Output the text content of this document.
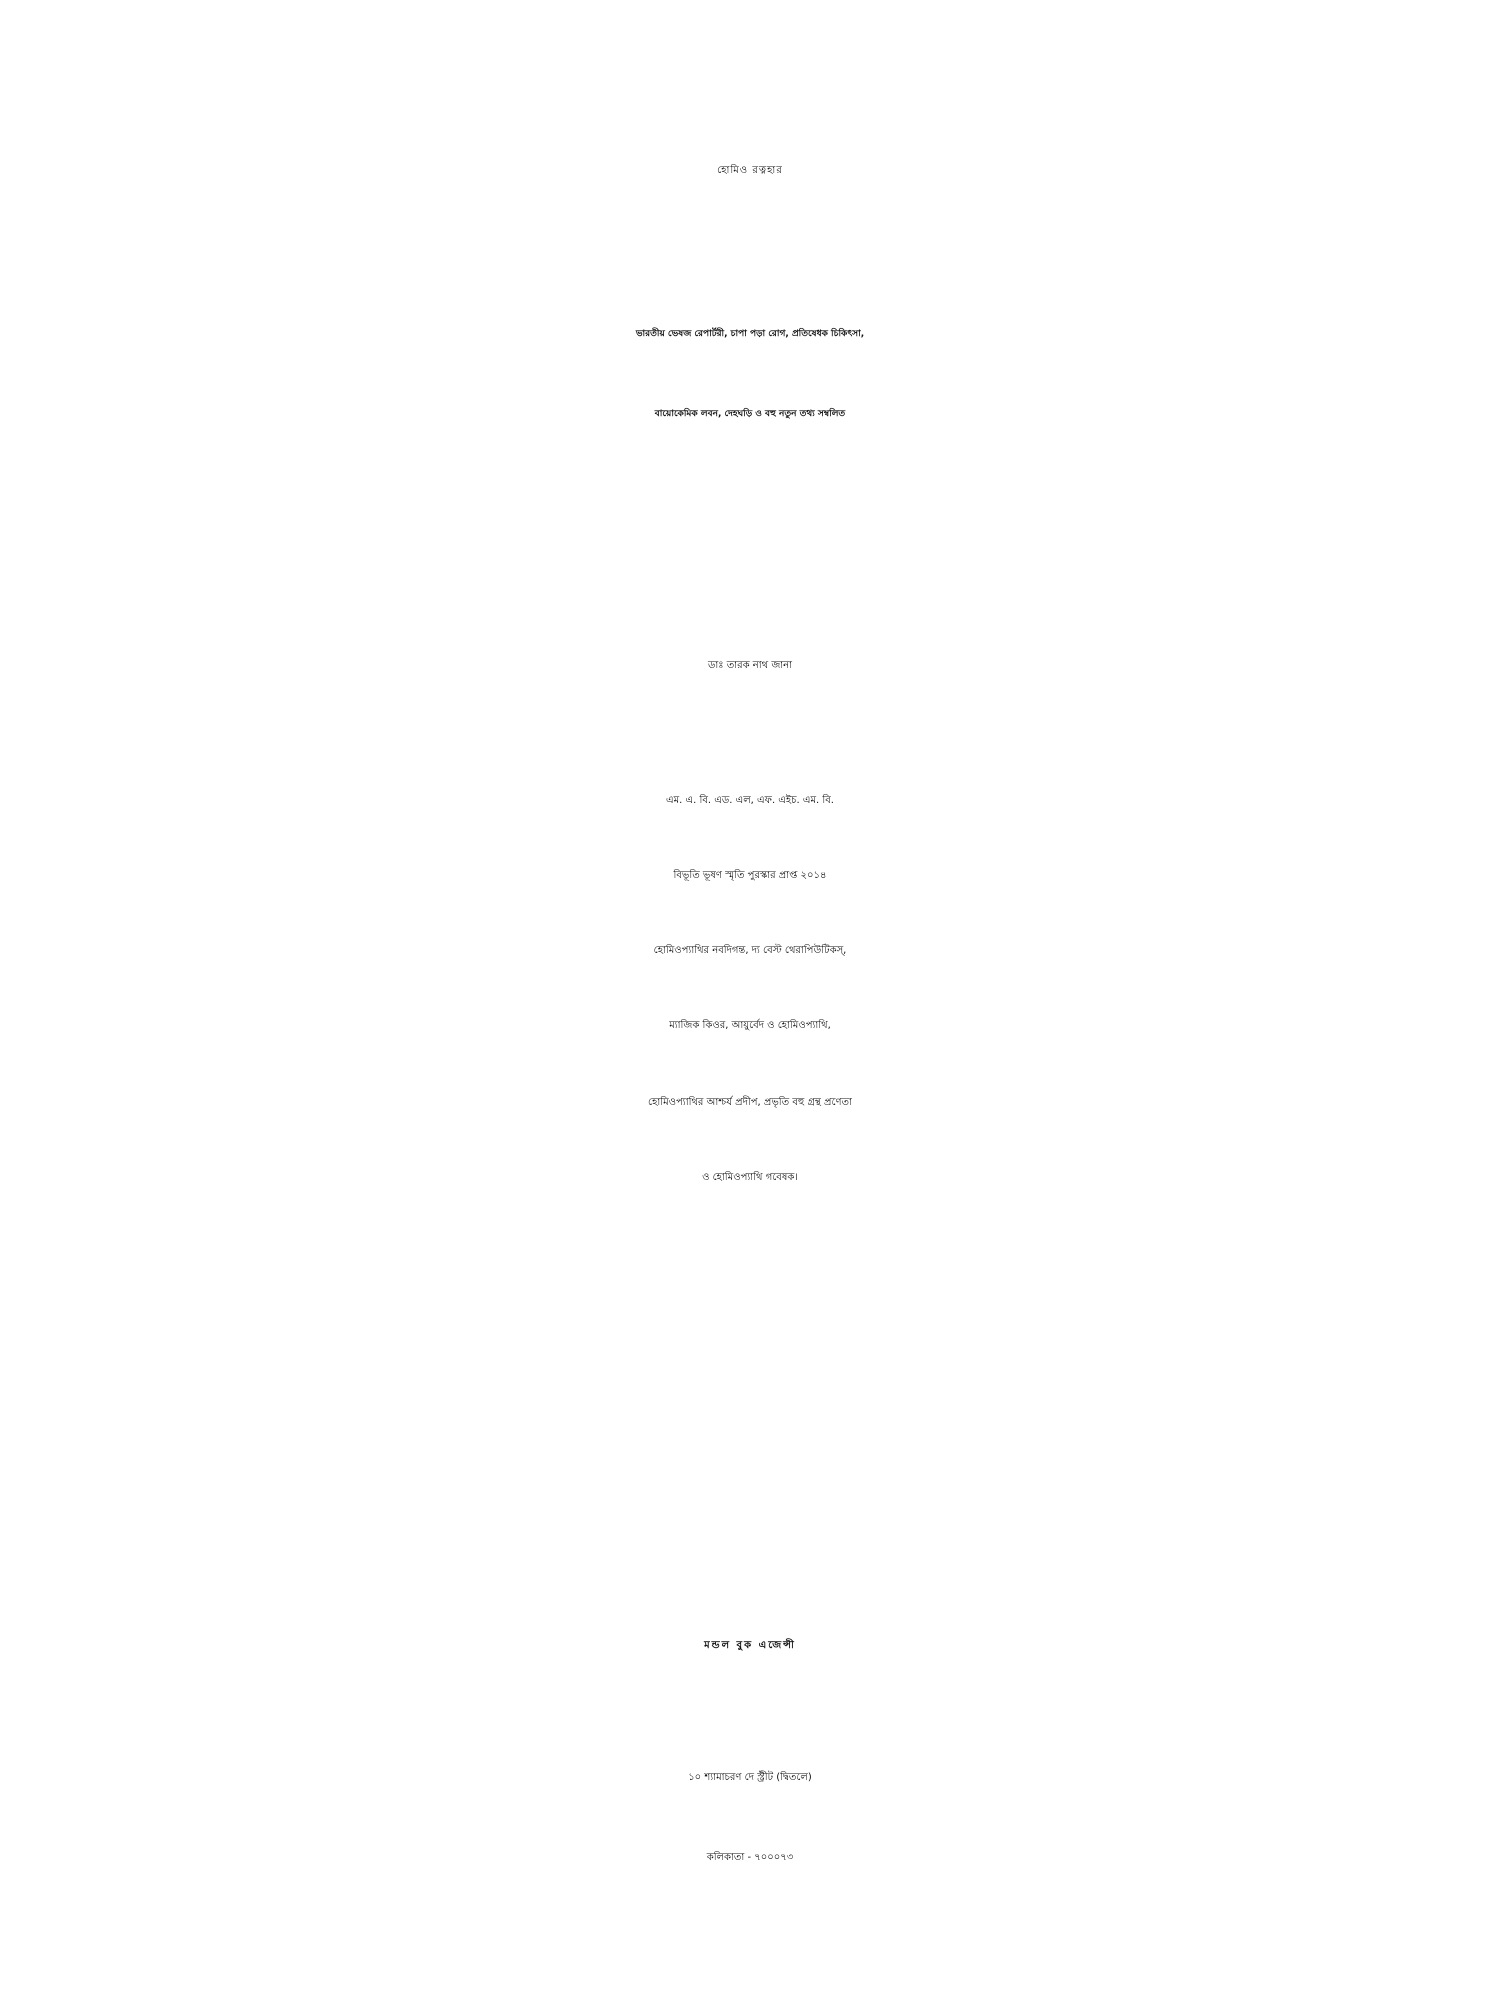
হোমিও রত্নহার
ভারতীয় ভেষজ রেপার্টরী, চাপা পড়া রোগ, প্রতিষেধক চিকিৎসা,
বায়োকেমিক লবন, দেহঘড়ি ও বহু নতুন তথ্য সম্বলিত
ডাঃ তারক নাথ জানা
এম. এ. বি. এড. এল, এফ. এইচ. এম. বি.
বিভূতি ভূষণ স্মৃতি পুরস্কার প্রাপ্ত ২০১৪
হোমিওপ্যাথির নবদিগন্ত, দ্য বেস্ট থেরাপিউটিকস্,
ম্যাজিক কিওর, আয়ুর্বেদ ও হোমিওপ্যাথি,
হোমিওপ্যাথির আশ্চর্য প্রদীপ, প্রভৃতি বহু গ্রন্থ প্রণেতা
ও হোমিওপ্যাথি গবেষক।
মন্ডল বুক এজেন্সী
১০ শ্যামাচরণ দে স্ট্রীট (দ্বিতলে)
কলিকাতা - ৭০০০৭৩
